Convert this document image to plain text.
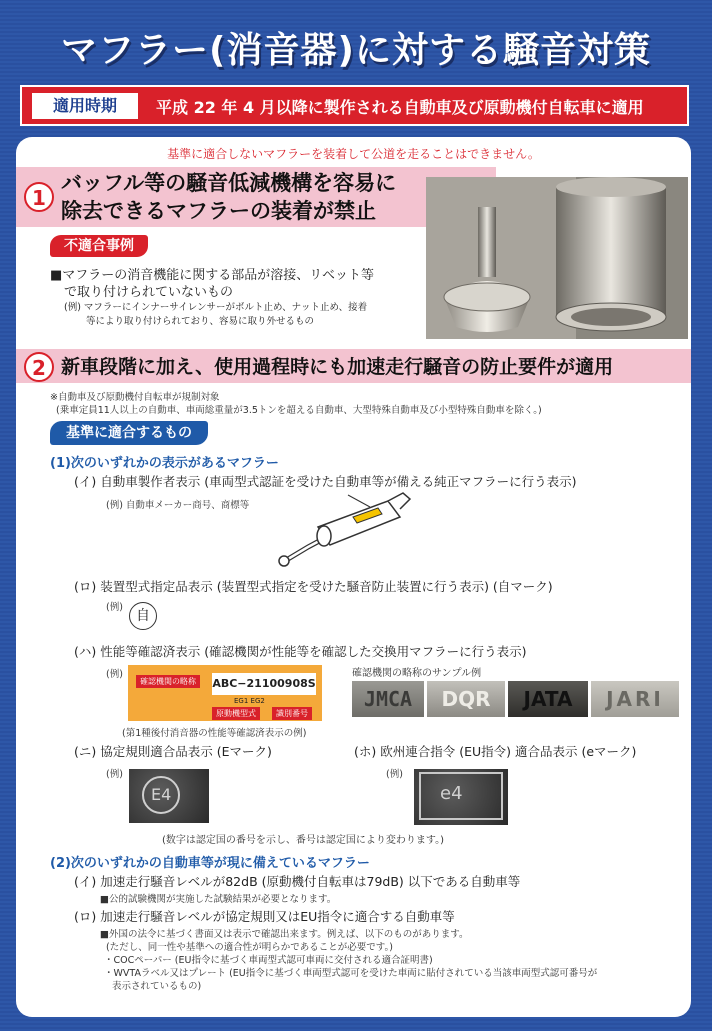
マフラー(消音器)に対する騒音対策
適用時期	平成 22 年 4 月以降に製作される自動車及び原動機付自転車に適用
基準に適合しないマフラーを装着して公道を走ることはできません。
1
バッフル等の騒音低減機構を容易に
除去できるマフラーの装着が禁止
不適合事例
■マフラーの消音機能に関する部品が溶接、リベット等
で取り付けられていないもの
(例) マフラーにインナーサイレンサーがボルト止め、ナット止め、接着
等により取り付けられており、容易に取り外せるもの
2 新車段階に加え、使用過程時にも加速走行騒音の防止要件が適用
※自動車及び原動機付自転車が規制対象
(乗車定員11人以上の自動車、車両総重量が3.5トンを超える自動車、大型特殊自動車及び小型特殊自動車を除く。)
基準に適合するもの
(1)次のいずれかの表示があるマフラー
(イ) 自動車製作者表示 (車両型式認証を受けた自動車等が備える純正マフラーに行う表示)
(例) 自動車メーカー商号、商標等
(ロ) 装置型式指定品表示 (装置型式指定を受けた騒音防止装置に行う表示) (自マーク)
(例)
自
(ハ) 性能等確認済表示 (確認機関が性能等を確認した交換用マフラーに行う表示)
(例)
確認機関の略称	ABC−21100908S
EG1 EG2
原動機型式	識別番号
(第1種後付消音器の性能等確認済表示の例)
確認機関の略称のサンプル例
JMCA	DQR	JATA	JARI
(ニ) 協定規則適合品表示 (Eマーク)	(ホ) 欧州連合指令 (EU指令) 適合品表示 (eマーク)
(例)	(例)
E4	e4
(数字は認定国の番号を示し、番号は認定国により変わります。)
(2)次のいずれかの自動車等が現に備えているマフラー
(イ) 加速走行騒音レベルが82dB (原動機付自転車は79dB) 以下である自動車等
■公的試験機関が実施した試験結果が必要となります。
(ロ) 加速走行騒音レベルが協定規則又はEU指令に適合する自動車等
■外国の法令に基づく書面又は表示で確認出来ます。例えば、以下のものがあります。
(ただし、同一性や基準への適合性が明らかであることが必要です。)
・COCペーパー (EU指令に基づく車両型式認可車両に交付される適合証明書)
・WVTAラベル又はプレート (EU指令に基づく車両型式認可を受けた車両に貼付されている当該車両型式認可番号が
表示されているもの)
